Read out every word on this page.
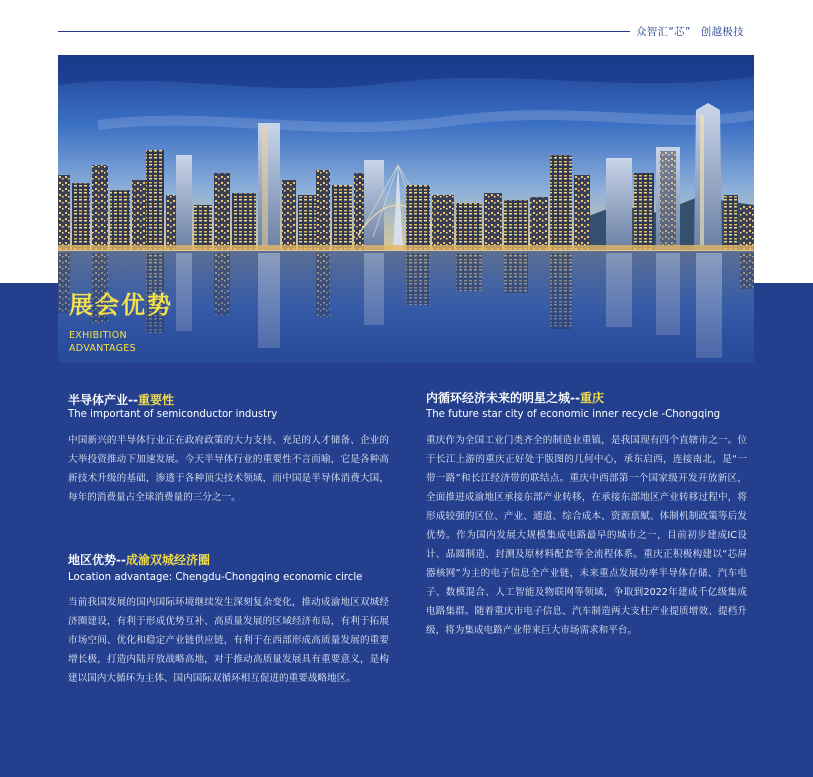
众智汇“芯” 创越极技
展会优势
EXHIBITION
ADVANTAGES
半导体产业--重要性
The important of semiconductor industry
中国新兴的半导体行业正在政府政策的大力支持、充足的人才储备、企业的大举投资推动下加速发展。今天半导体行业的重要性不言而喻，它是各种高新技术升级的基础，渗透于各种顶尖技术领域，而中国是半导体消费大国，每年的消费量占全球消费量的三分之一。
地区优势--成渝双城经济圈
Location advantage: Chengdu-Chongqing economic circle
当前我国发展的国内国际环境继续发生深刻复杂变化，推动成渝地区双城经济圈建设，有利于形成优势互补、高质量发展的区域经济布局，有利于拓展市场空间、优化和稳定产业链供应链，有利于在西部形成高质量发展的重要增长极，打造内陆开放战略高地，对于推动高质量发展具有重要意义，是构建以国内大循环为主体、国内国际双循环相互促进的重要战略地区。
内循环经济未来的明星之城--重庆
The future star city of economic inner recycle -Chongqing
重庆作为全国工业门类齐全的制造业重镇，是我国现有四个直辖市之一。位于长江上游的重庆正好处于版图的几何中心，承东启西，连接南北，是“一带一路”和长江经济带的联结点。重庆中西部第一个国家级开发开放新区，全面推进成渝地区承接东部产业转移，在承接东部地区产业转移过程中，将形成较强的区位、产业、通道、综合成本、资源禀赋、体制机制政策等后发优势。作为国内发展大规模集成电路最早的城市之一，目前初步建成IC设计、晶圆制造、封测及原材料配套等全流程体系。重庆正积极构建以“芯屏器核网”为主的电子信息全产业链，未来重点发展功率半导体存储、汽车电子、数模混合、人工智能及物联网等领域，争取到2022年建成千亿级集成电路集群。随着重庆市电子信息、汽车制造两大支柱产业提质增效、提档升级，将为集成电路产业带来巨大市场需求和平台。
